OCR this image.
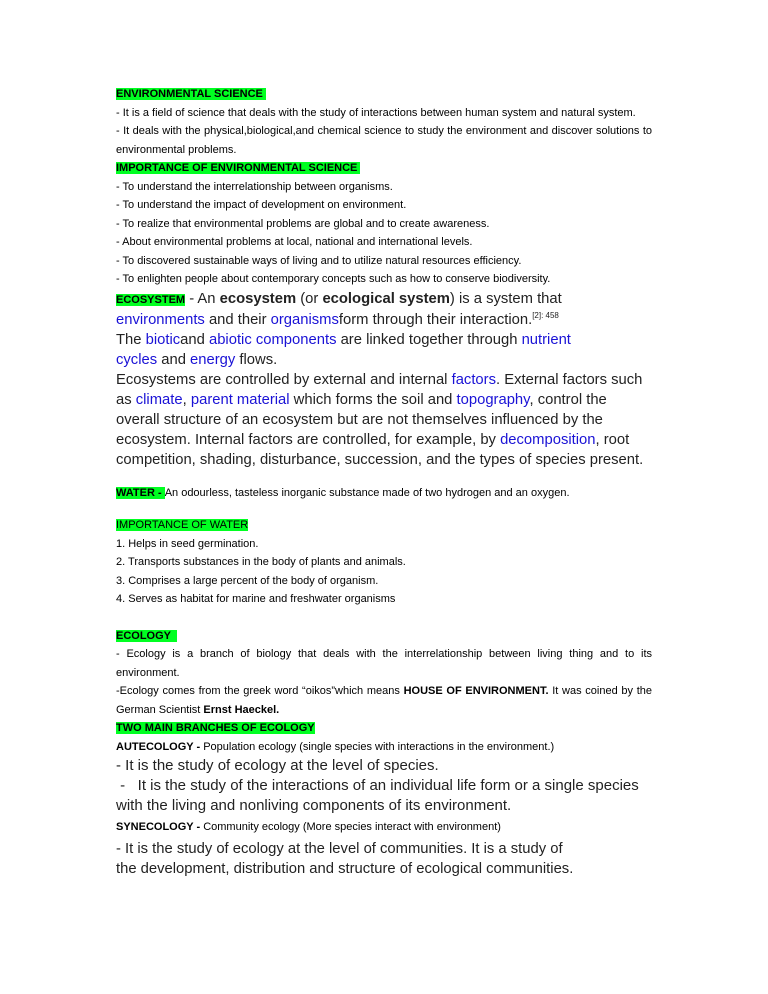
ENVIRONMENTAL SCIENCE

- It is a field of science that deals with the study of interactions between human system and natural system.

- It deals with the physical,biological,and chemical science to study the environment and discover solutions to environmental problems.

IMPORTANCE OF ENVIRONMENTAL SCIENCE

- To understand the interrelationship between organisms.

- To understand the impact of development on environment.

- To realize that environmental problems are global and to create awareness.

- About environmental problems at local, national and international levels.

- To discovered sustainable ways of living and to utilize natural resources efficiency.

- To enlighten people about contemporary concepts such as how to conserve biodiversity.

ECOSYSTEM - An ecosystem (or ecological system) is a system that environments and their organismsform through their interaction.$^{[2]: 458}$ The bioticand abiotic components are linked together through nutrient cycles and energy flows.

Ecosystems are controlled by external and internal factors. External factors such as climate, parent material which forms the soil and topography, control the overall structure of an ecosystem but are not themselves influenced by the ecosystem. Internal factors are controlled, for example, by decomposition, root competition, shading, disturbance, succession, and the types of species present.

WATER - An odourless, tasteless inorganic substance made of two hydrogen and an oxygen.

IMPORTANCE OF WATER

1. Helps in seed germination.

2. Transports substances in the body of plants and animals.

3. Comprises a large percent of the body of organism.

4. Serves as habitat for marine and freshwater organisms

ECOLOGY

- Ecology is a branch of biology that deals with the interrelationship between living thing and to its environment.

-Ecology comes from the greek word “oikos”which means HOUSE OF ENVIRONMENT. It was coined by the German Scientist Ernst Haeckel.

TWO MAIN BRANCHES OF ECOLOGY

AUTECOLOGY - Population ecology (single species with interactions in the environment.)

- It is the study of ecology at the level of species.

-   It is the study of the interactions of an individual life form or a single species with the living and nonliving components of its environment.

SYNECOLOGY - Community ecology (More species interact with environment)

- It is the study of ecology at the level of communities. It is a study of the development, distribution and structure of ecological communities.
